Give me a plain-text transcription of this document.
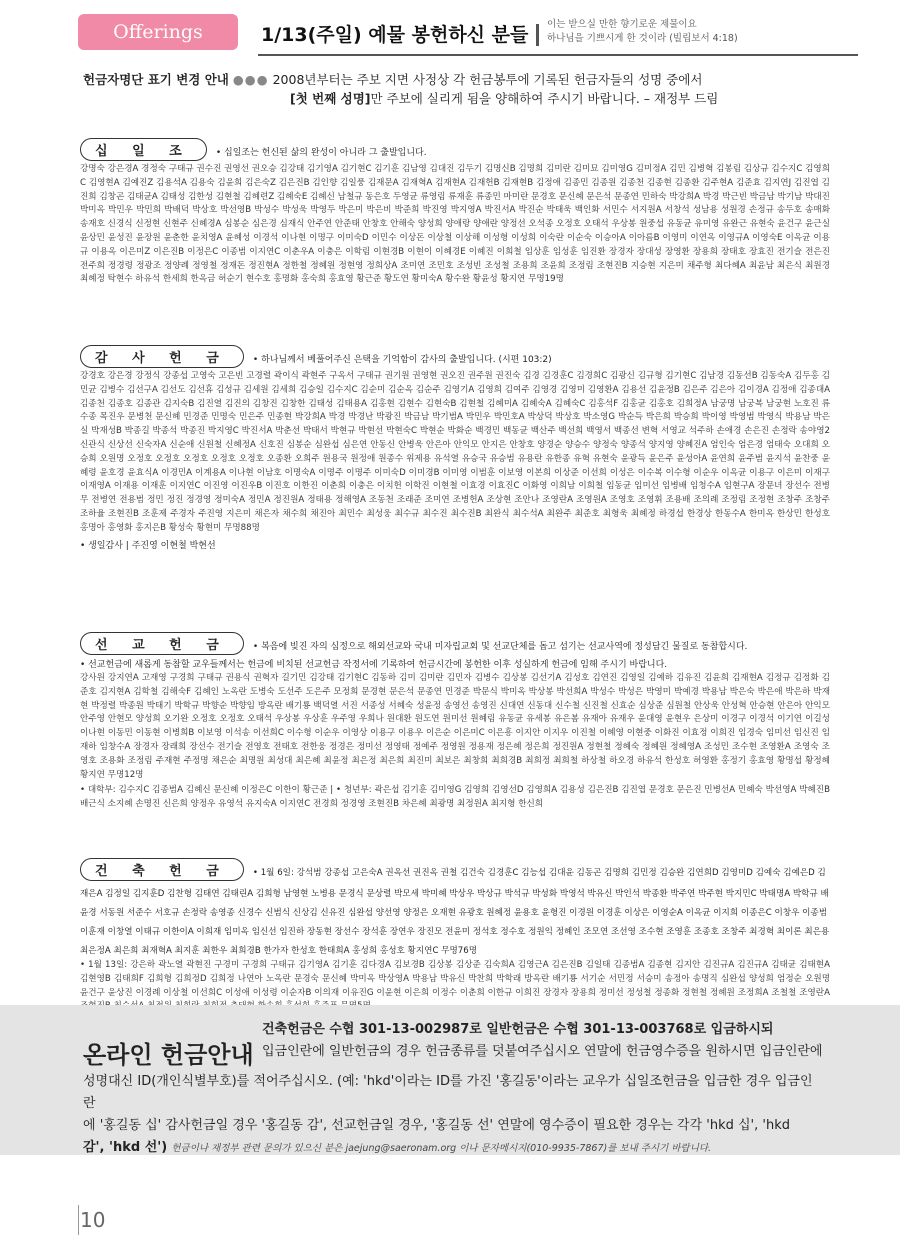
Offerings	1/13(주일) 예물 봉헌하신 분들 이는 받으실 만한 향기로운 제물이요
하나님을 기쁘시게 한 것이라 (빌립보서 4:18)
헌금자명단 표기 변경 안내 ●●● 2008년부터는 주보 지면 사정상 각 헌금봉투에 기록된 헌금자들의 성명 중에서
[첫 번째 성명]만 주보에 실리게 됨을 양해하여 주시기 바랍니다. – 재정부 드림
십 일 조	• 십일조는 헌신된 삶의 완성이 아니라 그 출발입니다.
강명숙 강은경A 경정숙 구태규 권수진 권영선 권오승 김강태 김기영A 김기현C 김기훈 김남영 김대진 김두기 김명신B 김명희 김미란 김미묘 김미영G 김미정A 김민 김병혁 김봉림 김상규 김수지C 김영희C 김영현A 김예진Z 김용석A 김용숙 김윤희 김은숙Z 김은진B 김인향 김일풍 김재문A 김재혁A 김재현A 김재헌B 김재현B 김정애 김종민 김종원 김종천 김종현 김종환 김주현A 김준효 김지연J 김진엽 김진희 김창곤 김태균A 김태성 김한성 김현철 김혜련Z 김혜숙E 김혜신 남철규 동은호 두영균 류영림 류재훈 류종민 마미란 문경호 문신혜 문은석 문종연 민하숙 박강희A 박경 박근빈 박금남 박기남 박대진 박미옥 박민우 박민희 박배덕 박상호 박선영B 박성수 박성욱 박영두 박은미 박은비 박준희 박진영 박지영A 박진서A 박진순 박태욱 백인화 서민수 서지원A 서창석 성남용 성원경 손정규 송두호 송매화 송재호 신경식 신정현 신현주 신혜경A 심봉순 심은경 심재식 안주연 안준태 안창호 안해숙 양성희 양애랑 양애란 양정선 오석종 오정호 오태석 우상봉 원중섭 유동균 유미영 유완근 유현숙 윤건구 윤근실 윤상민 윤성진 윤장원 윤춘한 윤치영A 윤혜성 이경석 이나현 이명구 이미숙D 이민수 이상돈 이상철 이상해 이성형 이성희 이숙란 이순숙 이승아A 이아름B 이영미 이연옥 이영규A 이영숙E 이옥균 이용규 이용옥 이은미Z 이은진B 이정은C 이종범 이지연C 이춘우A 이충은 이학림 이현경B 이현이 이혜경E 이혜진 이희철 임상훈 임성훈 임진환 장경자 장대성 장영환 장용희 장태호 장효진 전기슬 전은진 전주희 정경령 정광조 정양례 정영철 정재돈 정진현A 정한철 정혜원 정현영 정희상A 조미연 조민호 조성빈 조성철 조용희 조윤희 조정림 조현진B 지승현 지은미 채주형 최다혜A 최윤남 최은식 최원경 최혜정 탁현수 하유석 한세희 한옥금 허순기 현수호 홍명화 홍숙희 홍효영 황근준 황도연 황미숙A 황수완 황윤성 황지연 무명19명
감 사 헌 금	• 하나님께서 베풀어주신 은택을 기억함이 감사의 출발입니다. (시편 103:2)
강경호 강은경 강정식 강종섭 고영숙 고은빈 고경렬 곽이식 곽현주 구옥서 구태규 권기원 권영현 권오진 권주원 권진숙 김경 김경훈C 김경희C 김광신 김규형 김기현C 김남경 김동선B 김동숙A 김두홍 김민균 김병수 김선구A 김선도 김선휴 김성규 김세원 김세희 김승일 김수지C 김순미 김순옥 김순주 김영기A 김영희 김여주 김영경 김영미 김영환A 김용선 김윤정B 김은주 김은아 김이경A 김정애 김종대A 김종천 김종호 김종관 김지숙B 김진열 김진의 김창진 김창한 김태성 김태용A 김홍현 김현수 김현숙B 김현철 김혜미A 김혜숙A 김혜숙C 김홍석F 김홍균 김홍호 김희정A 남궁명 남궁복 남궁현 노호진 류수종 목진우 문병천 문신혜 민경준 민명숙 민은주 민종현 박강희A 박경 박경난 박광진 박금남 박기범A 박민우 박민호A 박상덕 박상호 박소영G 박순득 박은희 박승희 박이영 박영범 박영식 박용남 박은실 박재성B 박종길 박종석 박종진 박지영C 박진서A 박춘선 박태서 박현규 박현선 박현숙C 박현순 박화순 백경민 백동균 백산주 백선희 백영서 백종선 변혁 서영교 석주하 손애경 손은진 손정락 송야영2 신관식 신상선 신숙자A 신순애 신원철 신혜정A 신호진 심봉순 심완섭 심은연 안동신 안병욱 안은아 안익모 안지은 안창호 양경순 양승수 양정숙 양종석 양지영 양혜진A 엄인숙 엄은경 엄태숙 오대희 오승희 오원명 오정호 오정호 오정호 오정호 오정호 오종환 오희주 원용국 원정애 원종수 위제용 유석열 유승국 유승범 유용란 유한종 유혁 유현숙 윤광득 윤은주 윤성아A 윤연희 윤주범 윤지석 윤찬중 윤혜령 윤호경 윤효식A 이경민A 이계용A 이나현 이남호 이명숙A 이명주 이명주 이미숙D 이미경B 이미영 이범훈 이보영 이본희 이상준 이선희 이성은 이수복 이수형 이순우 이옥균 이용구 이은미 이재구 이재영A 이재용 이재훈 이지연C 이진영 이진우B 이진호 이한진 이춘희 이충은 이치헌 이학진 이현철 이효경 이효진C 이화영 이희남 이희철 임동균 임미선 임병배 임청수A 임현구A 장문녀 장선수 전병무 전병연 전용범 정민 정진 정경영 정미숙A 정민A 정진원A 정태용 정해영A 조동천 조래준 조미연 조병헌A 조상현 조안나 조영란A 조영원A 조영호 조영휘 조용배 조의례 조정림 조정현 조창주 조창주 조하율 조현진B 조훈제 주경자 주진영 지은미 채은자 채수희 채진아 최민수 최성웅 최수규 최수진 최수진B 최완식 최수석A 최완주 최준호 최형욱 최혜정 하경섭 한경상 한동수A 한미옥 한상민 한성호 홍명아 홍영화 홍지은B 황성숙 황현미 무명88명
• 생일감사 | 주진영 이현철 박현선
선 교 헌 금	• 복음에 빚진 자의 심정으로 해외선교와 국내 미자립교회 및 선교단체를 돕고 섬기는 선교사역에 정성담긴 물질로 동참합시다.
• 선교헌금에 새롭게 동참할 교우들께서는 헌금에 비치된 선교헌금 작정서에 기록하여 헌금시간에 봉헌한 이후 성실하게 헌금에 임해 주시기 바랍니다.
강사원 강지연A 고재영 구경희 구태규 권용식 권혁자 길기민 김강태 김기현C 김동하 김미 김미란 김민자 김병수 김상봉 김선기A 김성호 김연진 김영일 김예하 김유진 김윤희 김재현A 김정규 김정화 김준호 김지현A 김학철 김해숙F 김혜인 노옥란 도병숙 도선주 도은주 모정희 문경현 문은석 문종연 민경준 박문식 박미옥 박상봉 박선희A 박성수 박성은 박영미 박예경 박용남 박은숙 박은애 박은하 박재현 박정렬 박종원 박태기 박학규 박향순 박향임 방옥란 배기룡 백덕열 서진 서종성 서혜숙 성윤정 송영선 송영진 신대연 신동대 신수철 신진철 신효순 심상준 심원철 안상욱 안성혁 안승현 안은아 안익모 안주영 안현모 양성희 오기완 오정호 오정호 오태석 우상봉 우상훈 우주영 우희나 원대환 원도연 원미선 원혜림 유동균 유세봉 유은봄 유재아 유재우 윤대영 윤현우 은상미 이경구 이경석 이기연 이길성 이나현 이동민 이동현 이병희B 이보영 이석송 이선희C 이수형 이순우 이영상 이용구 이용우 이은순 이은미C 이은흥 이지안 이지우 이진철 이혜영 이현중 이화진 이효정 이희진 임경숙 임미선 임신진 임재하 임창수A 장경자 장래희 장선수 전기슬 전영호 전태호 전한웅 정경은 정미선 정영태 정예주 정영원 정용재 정은혜 정은희 정진원A 정현철 정혜숙 정혜원 정혜영A 조성민 조수현 조영환A 조영숙 조영호 조용화 조정림 주재현 주정명 채은순 최명원 최성대 최은혜 최윤정 최은정 최은희 최진미 최보은 최창희 최희경B 최희정 최희철 하상철 하오경 하유석 한성호 허영환 홍정기 홍효영 황명섭 황정혜 황지연 무명12명
• 대학부: 김수지C 김종범A 김혜신 문신혜 이정은C 이한이 황근준 | • 청년부: 곽은섭 김기훈 김미영G 김영희 김영선D 김영희A 김용성 김은진B 김진엽 문경호 문은진 민병선A 민혜숙 박선영A 박혜진B 배근식 소지혜 손명진 신은희 양정우 유영석 유지숙A 이지연C 전경희 정경영 조현진B 차은혜 최광명 최정원A 최지형 한신희
건 축 헌 금	• 1월 6일: 강석범 강종섭 고은숙A 권옥선 권진옥 권철 김건숙 김경훈C 김능섭 김대윤 김동곤 김명희 김민정 김승완 김연희D 김영미D 김예숙 김예은D 김재은A 김정일 김지훈D 김찬형 김태연 김태린A 김희형 남영현 노병용 문경식 문상렬 박모세 박미혜 박상우 박상규 박석규 박성화 박영석 박유신 박인석 박종환 박주연 박주현 박지민C 박태명A 박학규 배윤경 서동원 서준수 서호규 손정락 송영종 신경수 신범식 신상김 신유진 심완섭 양선영 양정은 오재현 유광호 원혜정 윤용호 윤형진 이경원 이경훈 이상은 이영순A 이옥균 이지희 이종은C 이창우 이종범 이훈재 이창열 이태규 이한이A 이희재 임미옥 임신선 임진하 장동현 장선수 장석훈 장연우 장진모 전윤미 정석호 정수호 정원익 정혜인 조모연 조선영 조수현 조영훈 조종호 조창주 최경혁 최이론 최은용 최은정A 최은희 최재혁A 최지훈 최한우 최희경B 한가자 한성호 한태희A 홍성희 홍성호 황지연C 무명76명
• 1월 13일: 강은하 곽노열 곽현진 구경미 구경희 구태규 김기영A 김기훈 김다경A 김보경B 김상봉 김상준 김숙희A 김영근A 김은진B 김일태 김종범A 김종현 김지안 김진규A 김진규A 김태균 김태현A 김현영B 김태희F 김희형 김희정D 김희정 나연아 노옥란 문경숙 문신혜 박미옥 박상영A 박용남 박유신 박찬희 박학래 방옥란 배기룡 서기순 서민정 서승미 송정아 송명직 심완섭 양성희 엄정순 오원명 윤건구 윤상진 이경례 이상철 이선희C 이성애 이성령 이순자B 이의재 이유진G 이윤현 이은희 이정수 이춘희 이한규 이희진 장경자 장용희 정미선 정성철 정종화 정현철 정혜원 조정희A 조철철 조영란A
온라인 헌금안내
건축헌금은 수협 301-13-002987로 일반헌금은 수협 301-13-003768로 입금하시되
입금인란에 일반헌금의 경우 헌금종류를 덧붙여주십시오 연말에 헌금영수증을 원하시면 입금인란에
성명대신 ID(개인식별부호)를 적어주십시오. (예: 'hkd'이라는 ID를 가진 '홍길동'이라는 교우가 십일조헌금을 입금한 경우 입금인란
에 '홍길동 십' 감사헌금일 경우 '홍길동 감', 선교헌금일 경우, '홍길동 선' 연말에 영수증이 필요한 경우는 각각 'hkd 십', 'hkd
감', 'hkd 선') 헌금이나 재정부 관련 문의가 있으신 분은 jaejung@saeronam.org 이나 문자메시지(010-9935-7867)를 보내 주시기 바랍니다.
10
